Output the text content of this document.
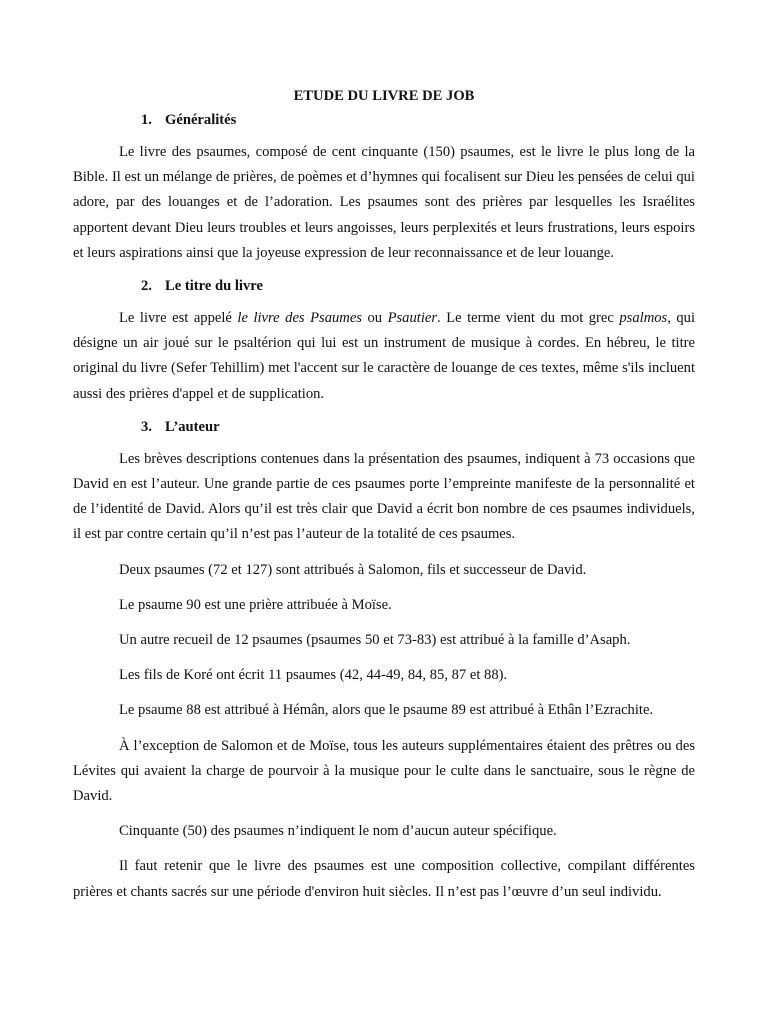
ETUDE DU LIVRE DE JOB
1. Généralités

Le livre des psaumes, composé de cent cinquante (150) psaumes, est le livre le plus long de la Bible. Il est un mélange de prières, de poèmes et d’hymnes qui focalisent sur Dieu les pensées de celui qui adore, par des louanges et de l’adoration. Les psaumes sont des prières par lesquelles les Israélites apportent devant Dieu leurs troubles et leurs angoisses, leurs perplexités et leurs frustrations, leurs espoirs et leurs aspirations ainsi que la joyeuse expression de leur reconnaissance et de leur louange.

2. Le titre du livre

Le livre est appelé le livre des Psaumes ou Psautier. Le terme vient du mot grec psalmos, qui désigne un air joué sur le psaltérion qui lui est un instrument de musique à cordes. En hébreu, le titre original du livre (Sefer Tehillim) met l'accent sur le caractère de louange de ces textes, même s'ils incluent aussi des prières d'appel et de supplication.

3. L’auteur

Les brèves descriptions contenues dans la présentation des psaumes, indiquent à 73 occasions que David en est l’auteur. Une grande partie de ces psaumes porte l’empreinte manifeste de la personnalité et de l’identité de David. Alors qu’il est très clair que David a écrit bon nombre de ces psaumes individuels, il est par contre certain qu’il n’est pas l’auteur de la totalité de ces psaumes.

Deux psaumes (72 et 127) sont attribués à Salomon, fils et successeur de David.

Le psaume 90 est une prière attribuée à Moïse.

Un autre recueil de 12 psaumes (psaumes 50 et 73-83) est attribué à la famille d’Asaph.

Les fils de Koré ont écrit 11 psaumes (42, 44-49, 84, 85, 87 et 88).

Le psaume 88 est attribué à Hémân, alors que le psaume 89 est attribué à Ethân l’Ezrachite.

À l’exception de Salomon et de Moïse, tous les auteurs supplémentaires étaient des prêtres ou des Lévites qui avaient la charge de pourvoir à la musique pour le culte dans le sanctuaire, sous le règne de David.

Cinquante (50) des psaumes n’indiquent le nom d’aucun auteur spécifique.

Il faut retenir que le livre des psaumes est une composition collective, compilant différentes prières et chants sacrés sur une période d'environ huit siècles. Il n’est pas l’œuvre d’un seul individu.
